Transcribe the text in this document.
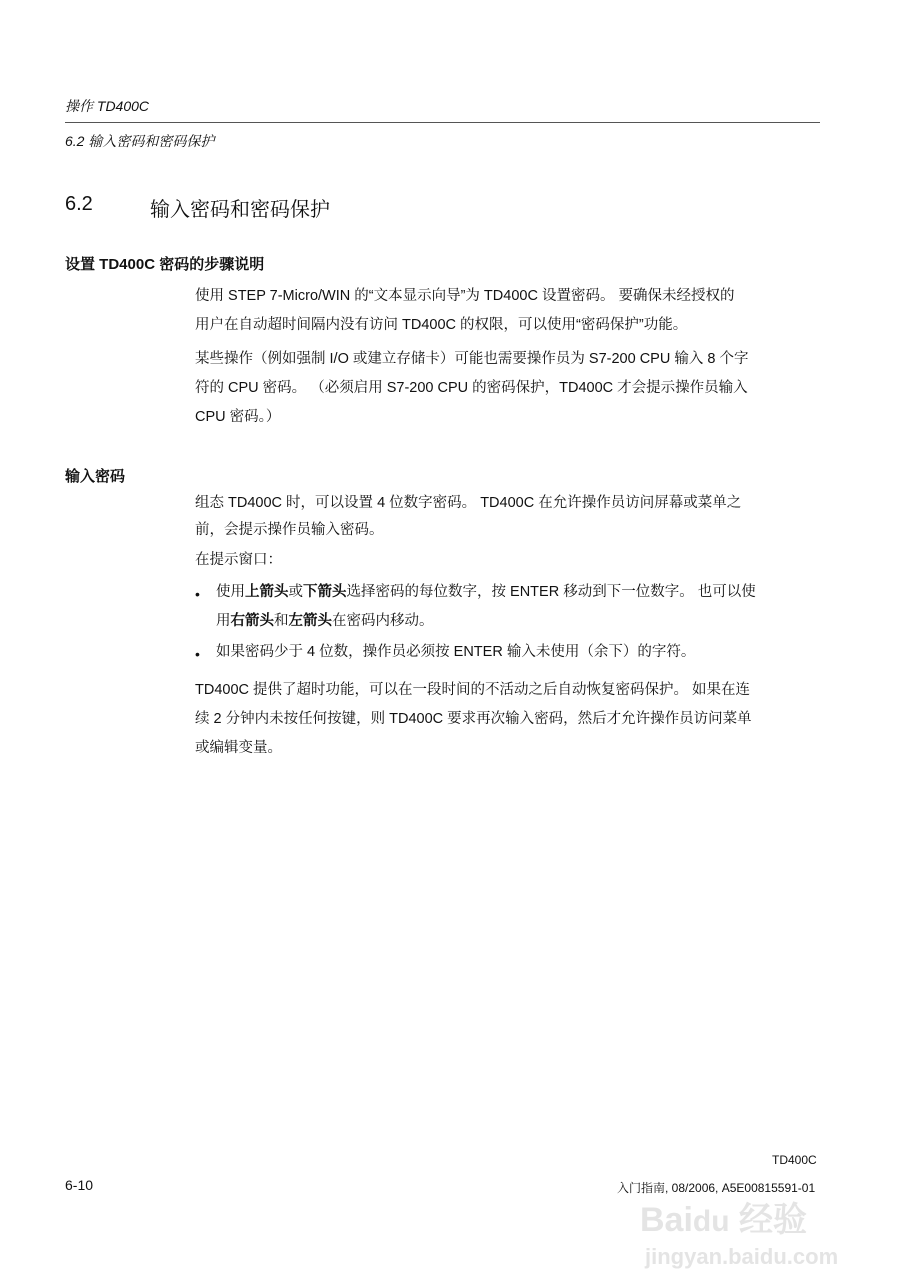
操作 TD400C
6.2 输入密码和密码保护
6.2	输入密码和密码保护
设置 TD400C 密码的步骤说明
使用 STEP 7-Micro/WIN 的“文本显示向导”为 TD400C 设置密码。 要确保未经授权的
用户在自动超时间隔内没有访问 TD400C 的权限，可以使用“密码保护”功能。
某些操作（例如强制 I/O 或建立存储卡）可能也需要操作员为 S7-200 CPU 输入 8 个字
符的 CPU 密码。 （必须启用 S7-200 CPU 的密码保护，TD400C 才会提示操作员输入
CPU 密码。）
输入密码
组态 TD400C 时，可以设置 4 位数字密码。 TD400C 在允许操作员访问屏幕或菜单之
前，会提示操作员输入密码。
在提示窗口：
• 使用上箭头或下箭头选择密码的每位数字，按 ENTER 移动到下一位数字。 也可以使
用右箭头和左箭头在密码内移动。
• 如果密码少于 4 位数，操作员必须按 ENTER 输入未使用（余下）的字符。
TD400C 提供了超时功能，可以在一段时间的不活动之后自动恢复密码保护。 如果在连
续 2 分钟内未按任何按键，则 TD400C 要求再次输入密码，然后才允许操作员访问菜单
或编辑变量。
TD400C
6-10	入门指南, 08/2006, A5E00815591-01
Baidu 经验
jingyan.baidu.com
